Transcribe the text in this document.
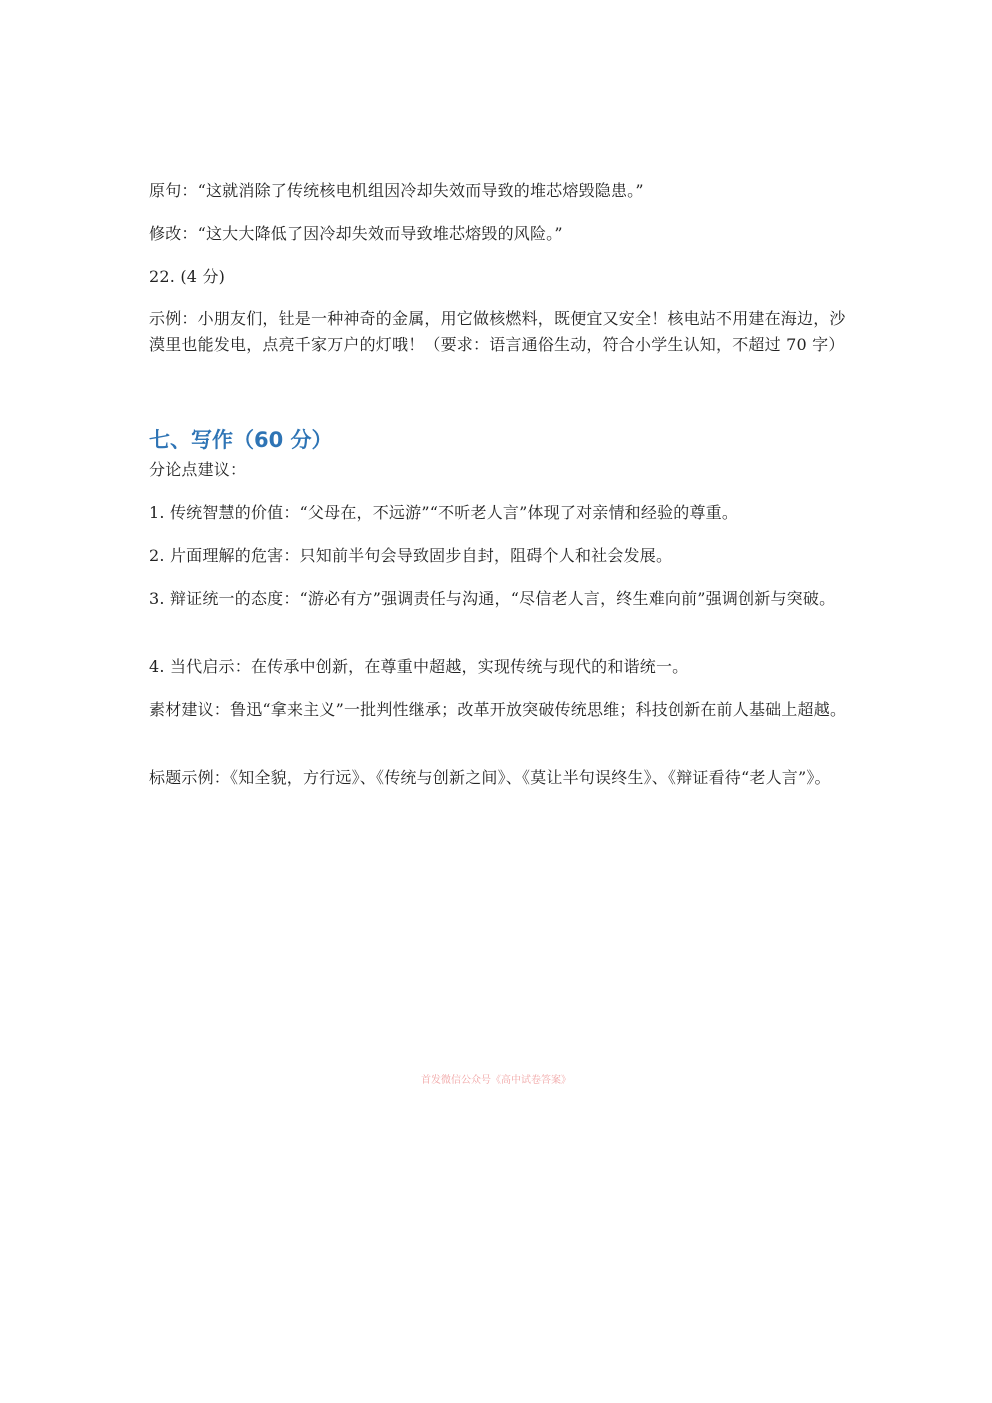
原句：“这就消除了传统核电机组因冷却失效而导致的堆芯熔毁隐患。”
修改：“这大大降低了因冷却失效而导致堆芯熔毁的风险。”
22. (4 分)
示例：小朋友们，钍是一种神奇的金属，用它做核燃料，既便宜又安全！核电站不用建在海边，沙漠里也能发电，点亮千家万户的灯哦！（要求：语言通俗生动，符合小学生认知，不超过 70 字）
七、写作（60 分）
分论点建议：
1. 传统智慧的价值：“父母在，不远游”“不听老人言”体现了对亲情和经验的尊重。
2. 片面理解的危害：只知前半句会导致固步自封，阻碍个人和社会发展。
3. 辩证统一的态度：“游必有方”强调责任与沟通，“尽信老人言，终生难向前”强调创新与突破。
4. 当代启示：在传承中创新，在尊重中超越，实现传统与现代的和谐统一。
素材建议：鲁迅“拿来主义”一批判性继承；改革开放突破传统思维；科技创新在前人基础上超越。
标题示例：《知全貌，方行远》、《传统与创新之间》、《莫让半句误终生》、《辩证看待“老人言”》。
首发微信公众号《高中试卷答案》
